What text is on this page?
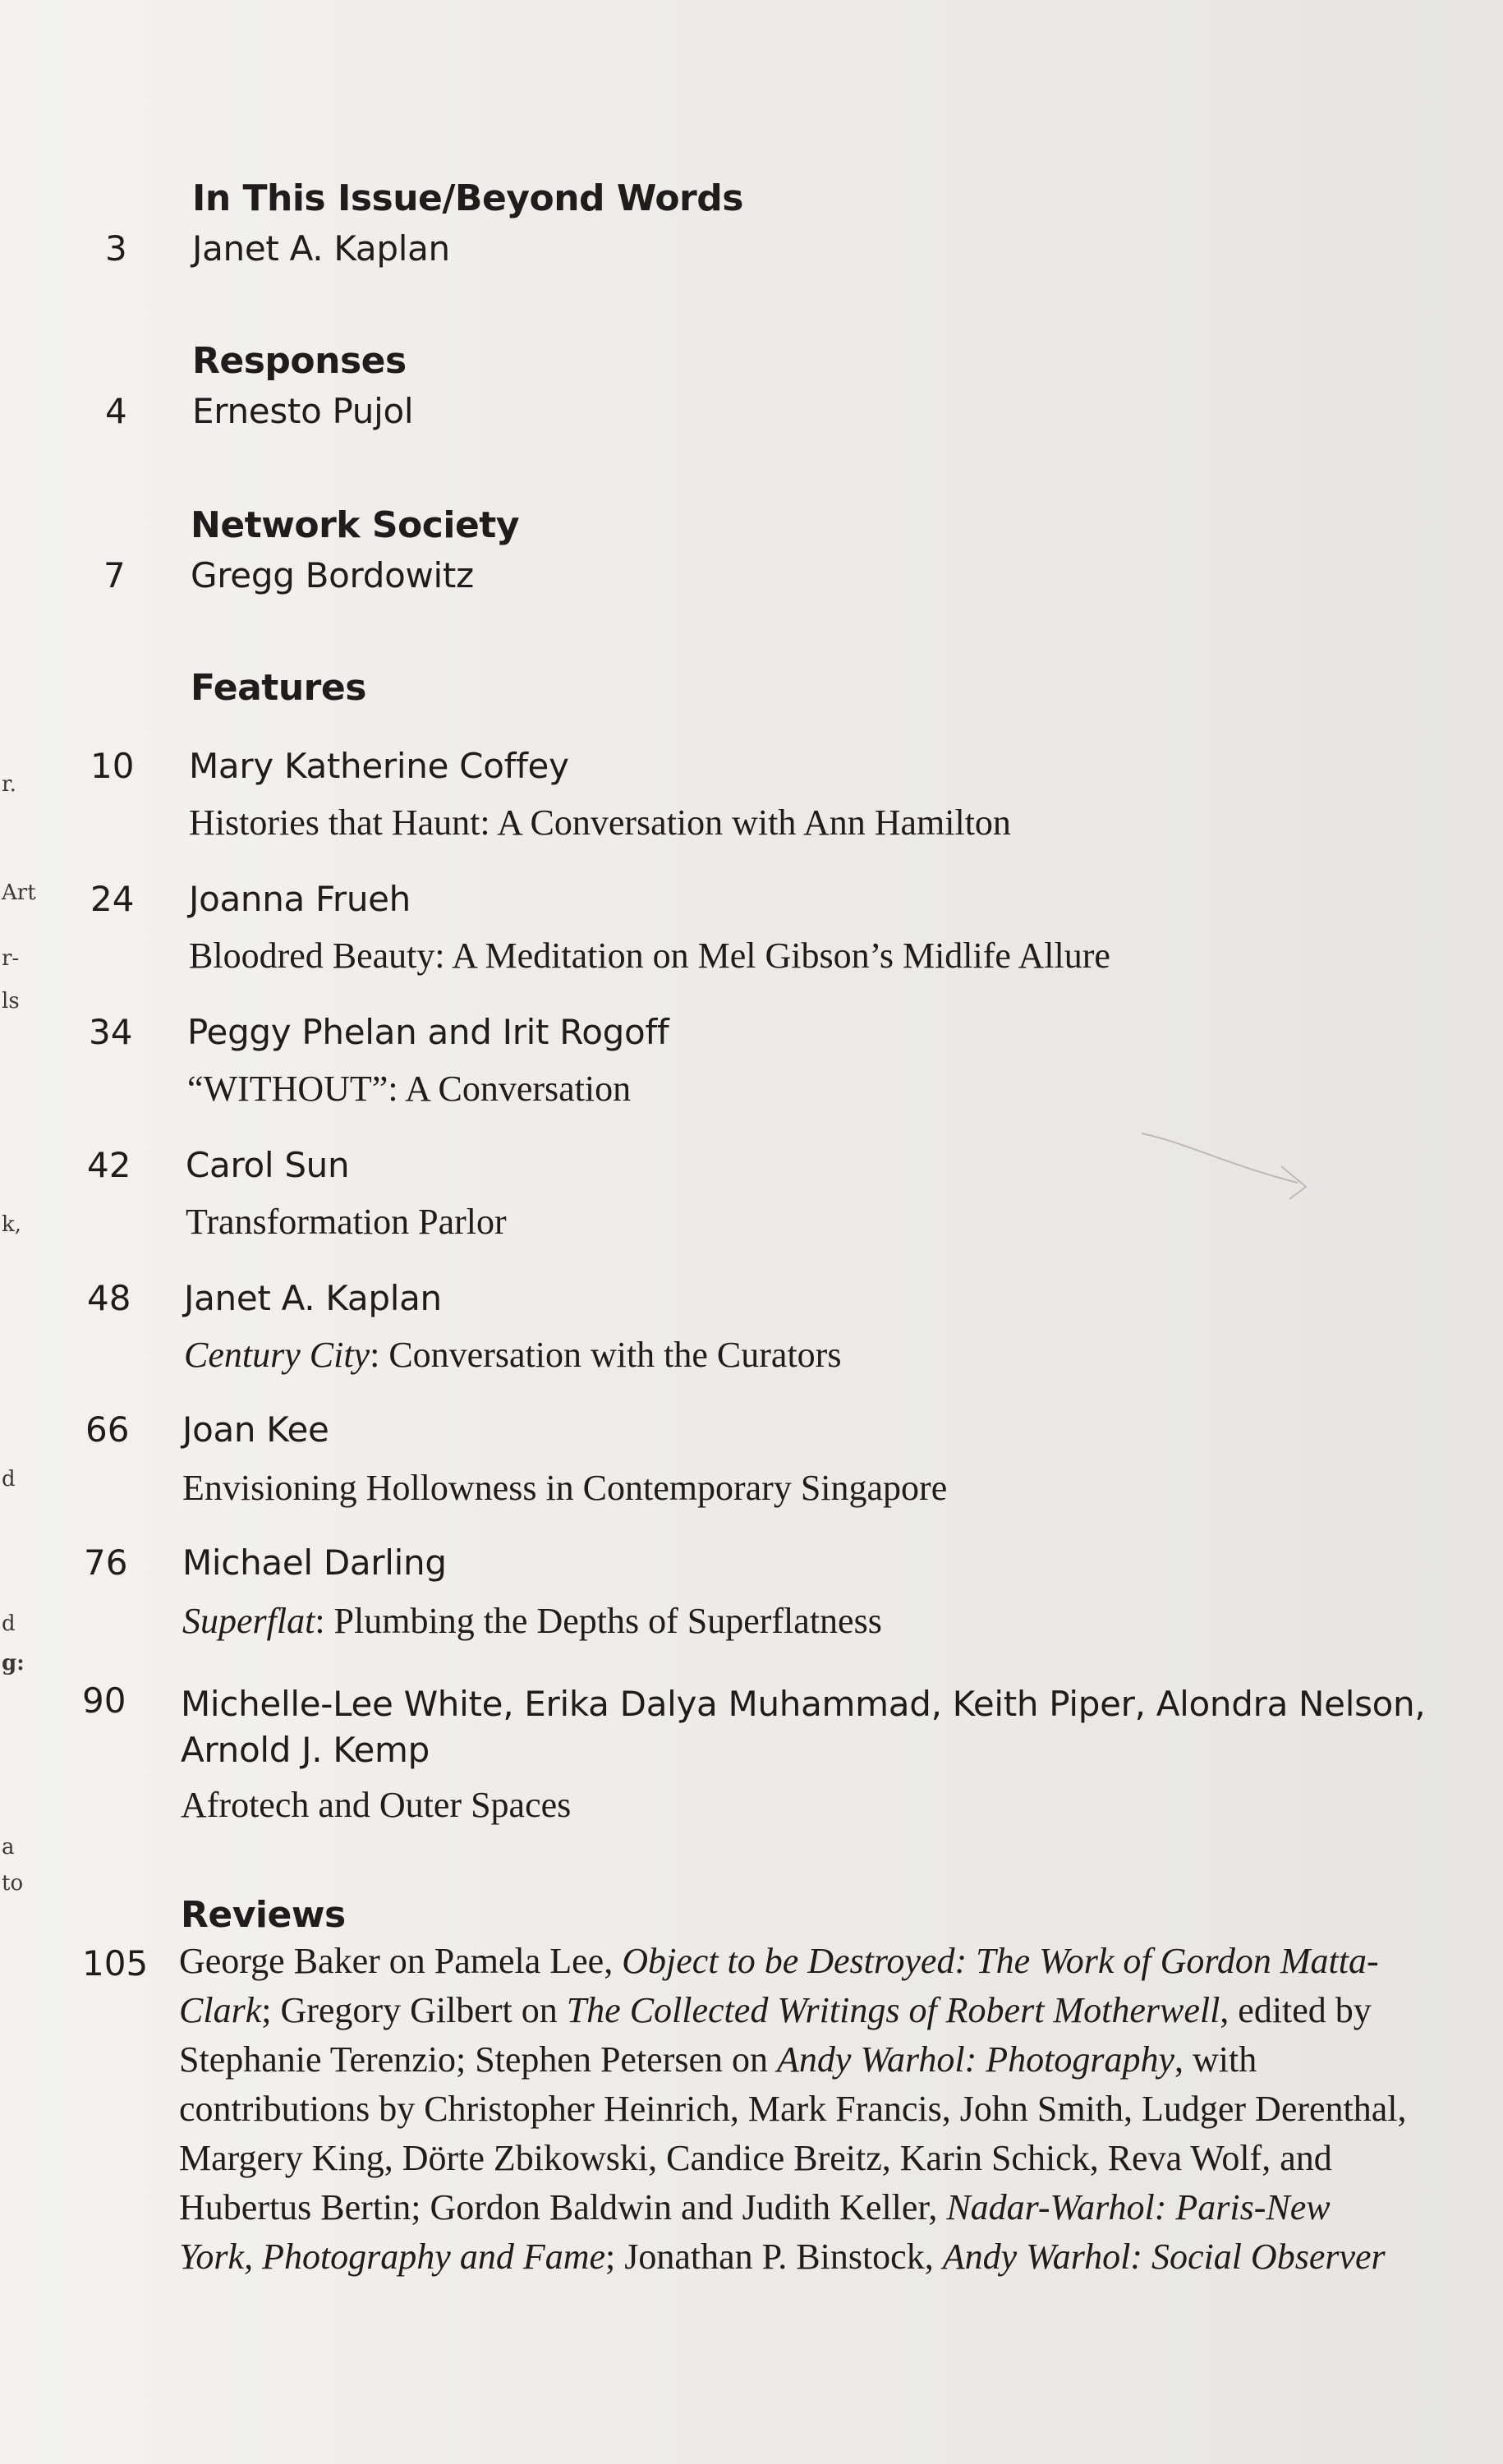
r.
Art
r-
ls
k,
d
d
g:
a
to
In This Issue/Beyond Words
3 Janet A. Kaplan
Responses
4 Ernesto Pujol
Network Society
7 Gregg Bordowitz
Features
10 Mary Katherine Coffey
Histories that Haunt: A Conversation with Ann Hamilton
24 Joanna Frueh
Bloodred Beauty: A Meditation on Mel Gibson’s Midlife Allure
34 Peggy Phelan and Irit Rogoff
“WITHOUT”: A Conversation
42 Carol Sun
Transformation Parlor
48 Janet A. Kaplan
Century City: Conversation with the Curators
66 Joan Kee
Envisioning Hollowness in Contemporary Singapore
76 Michael Darling
Superflat: Plumbing the Depths of Superflatness
90 Michelle-Lee White, Erika Dalya Muhammad, Keith Piper, Alondra Nelson,
Arnold J. Kemp
Afrotech and Outer Spaces
Reviews
105 George Baker on Pamela Lee, Object to be Destroyed: The Work of Gordon Matta-Clark; Gregory Gilbert on The Collected Writings of Robert Motherwell, edited by Stephanie Terenzio; Stephen Petersen on Andy Warhol: Photography, with contributions by Christopher Heinrich, Mark Francis, John Smith, Ludger Derenthal, Margery King, Dörte Zbikowski, Candice Breitz, Karin Schick, Reva Wolf, and Hubertus Bertin; Gordon Baldwin and Judith Keller, Nadar-Warhol: Paris-New York, Photography and Fame; Jonathan P. Binstock, Andy Warhol: Social Observer
